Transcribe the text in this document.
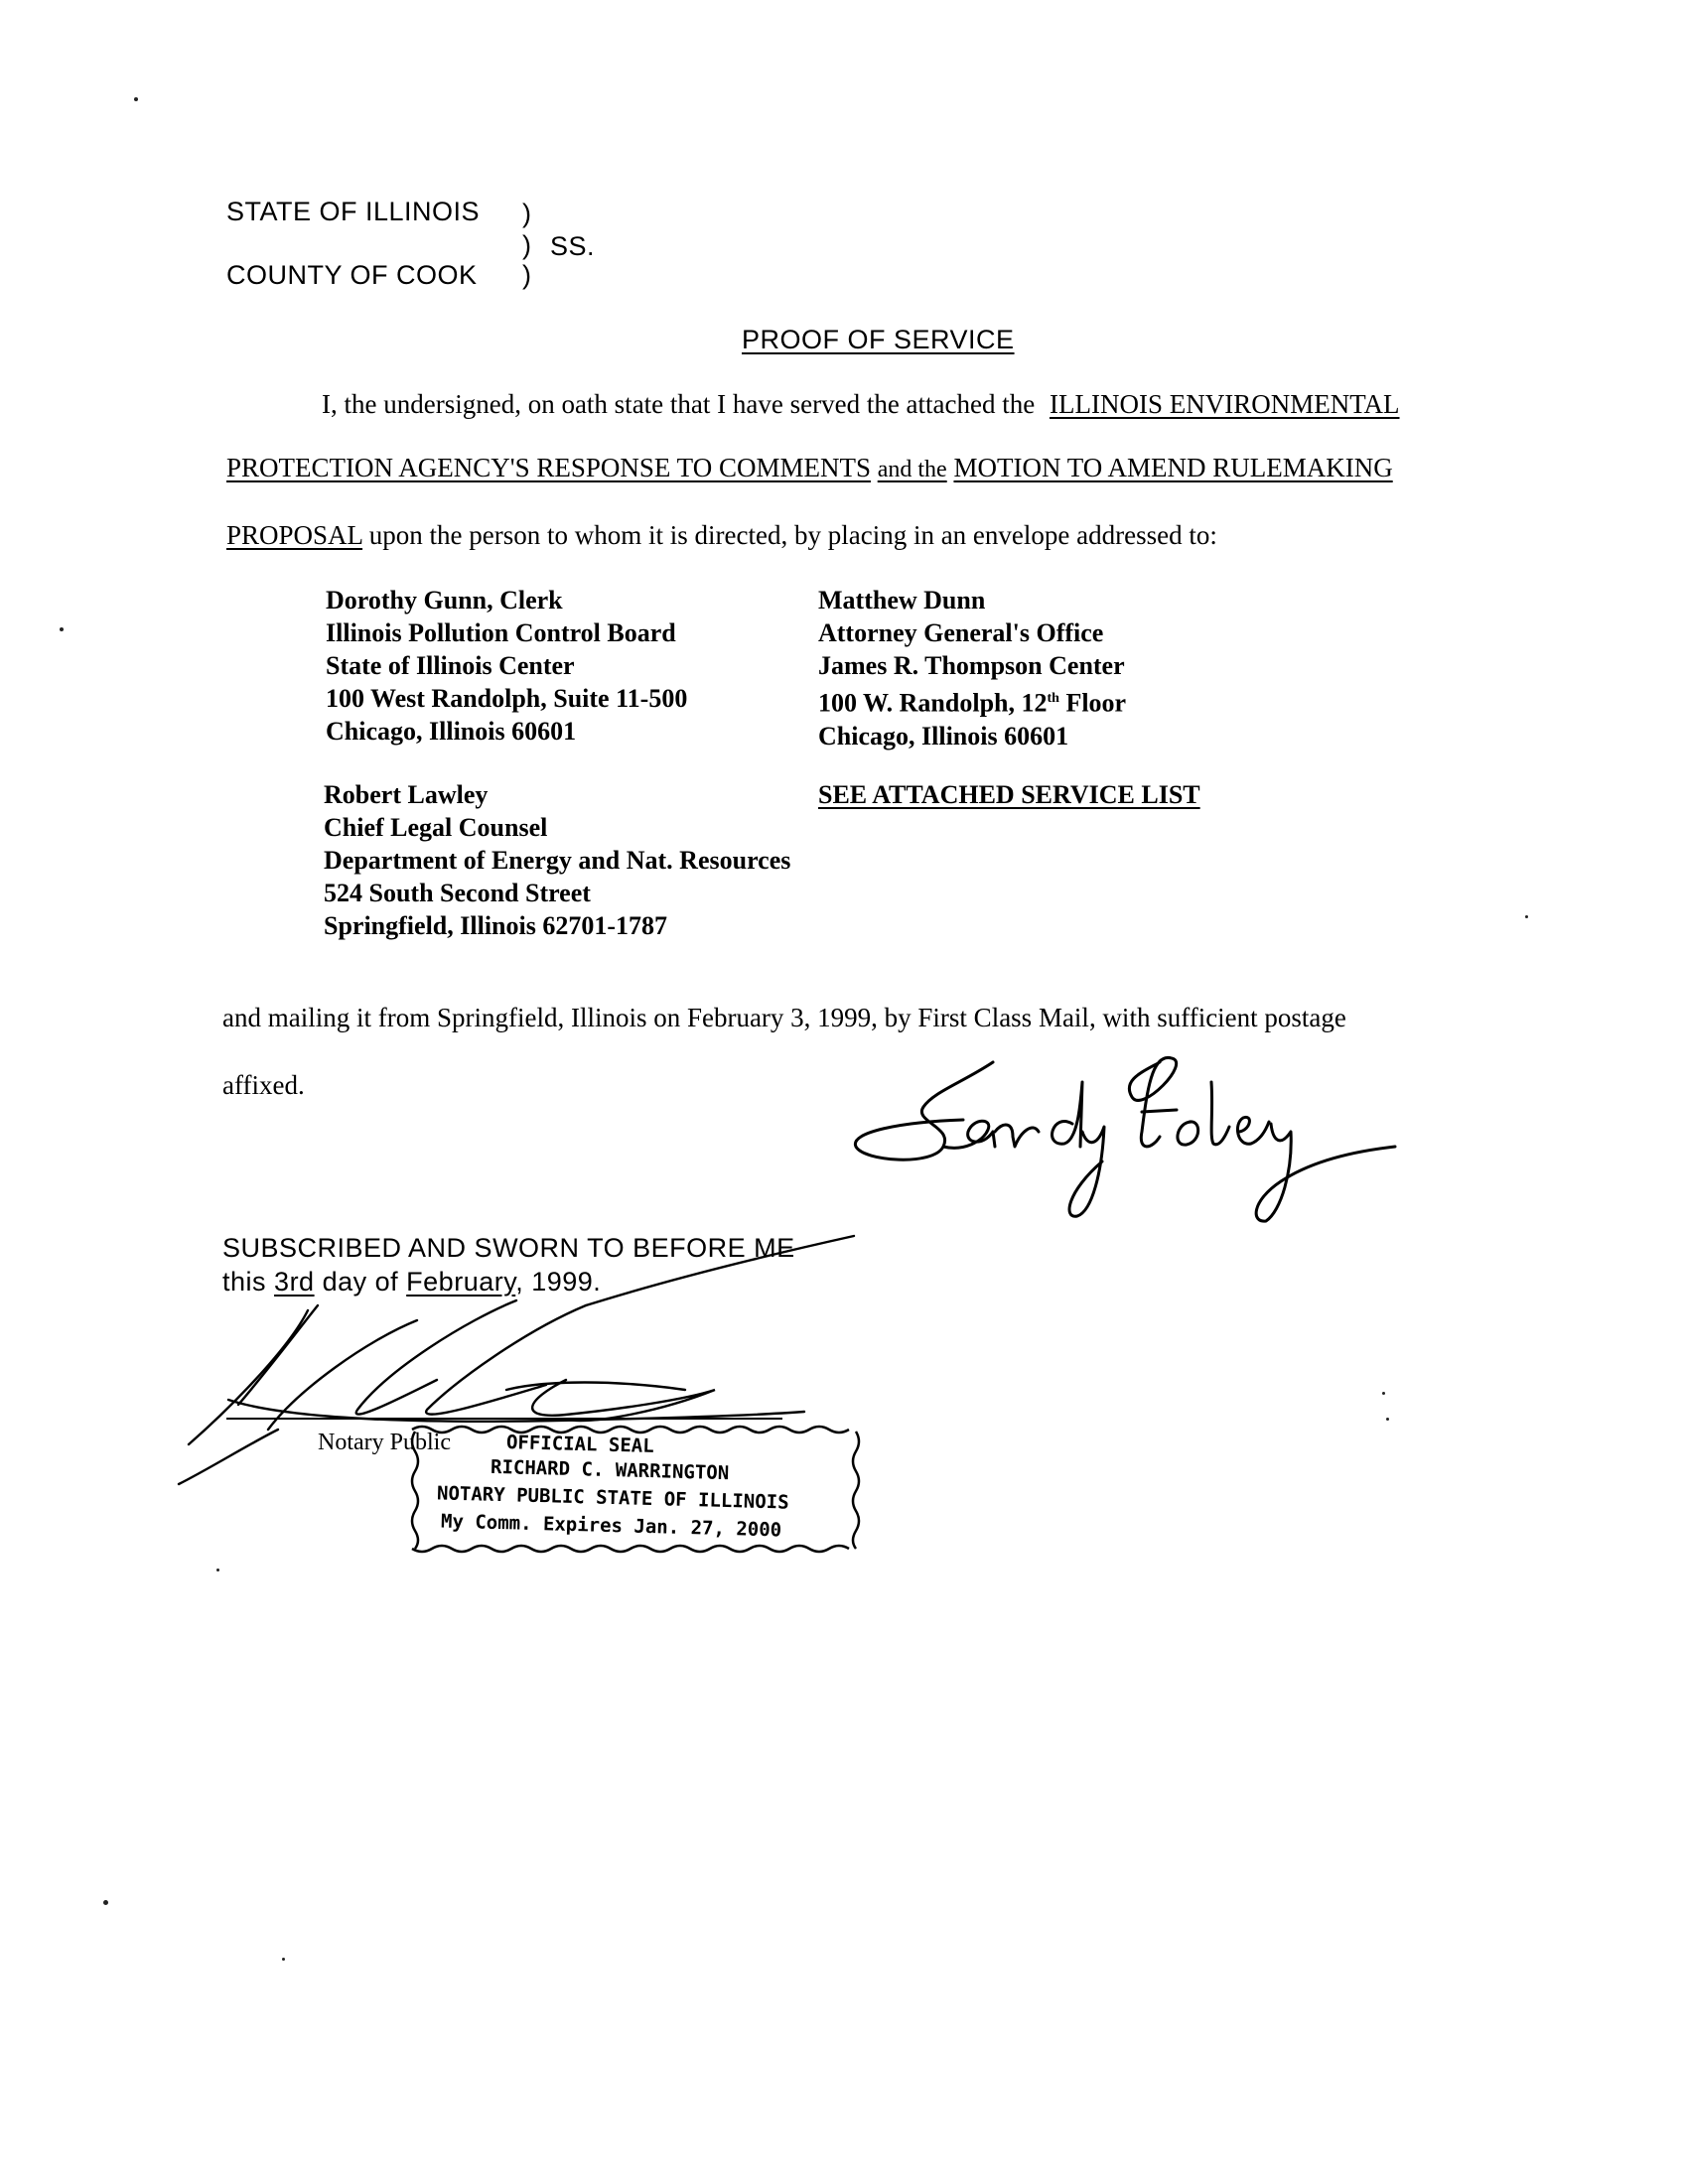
STATE OF ILLINOIS )
) SS.
COUNTY OF COOK )
PROOF OF SERVICE
I, the undersigned, on oath state that I have served the attached the ILLINOIS ENVIRONMENTAL
PROTECTION AGENCY'S RESPONSE TO COMMENTS and the MOTION TO AMEND RULEMAKING
PROPOSAL upon the person to whom it is directed, by placing in an envelope addressed to:
Dorothy Gunn, Clerk
Illinois Pollution Control Board
State of Illinois Center
100 West Randolph, Suite 11-500
Chicago, Illinois 60601
Matthew Dunn
Attorney General's Office
James R. Thompson Center
100 W. Randolph, 12th Floor
Chicago, Illinois 60601
Robert Lawley
Chief Legal Counsel
Department of Energy and Nat. Resources
524 South Second Street
Springfield, Illinois 62701-1787
SEE ATTACHED SERVICE LIST
and mailing it from Springfield, Illinois on February 3, 1999, by First Class Mail, with sufficient postage
affixed.
SUBSCRIBED AND SWORN TO BEFORE ME
this 3rd day of February, 1999.
Notary Public	OFFICIAL SEAL
RICHARD C. WARRINGTON
NOTARY PUBLIC STATE OF ILLINOIS
My Comm. Expires Jan. 27, 2000
